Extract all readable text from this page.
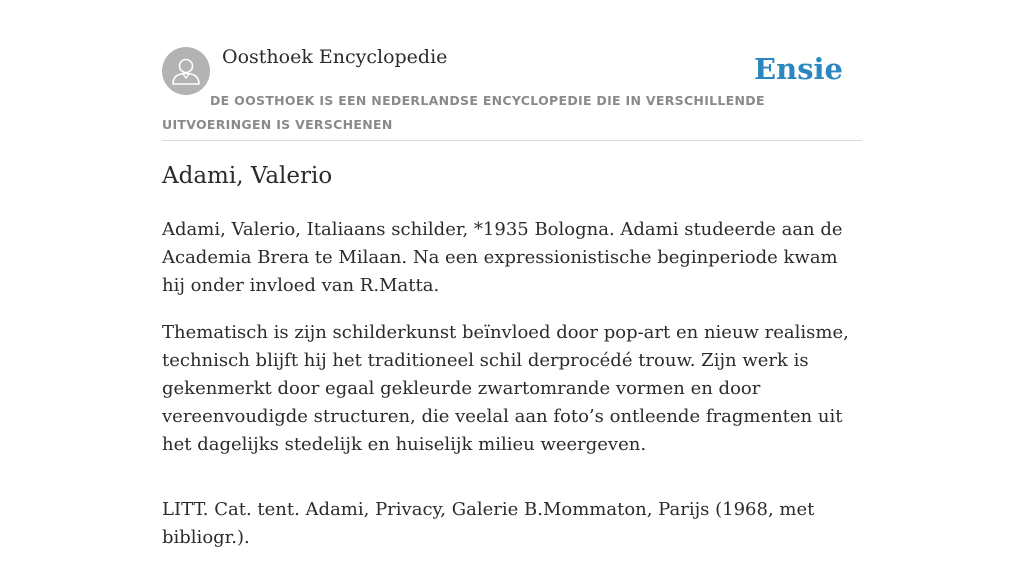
Oosthoek Encyclopedie	Ensie
DE OOSTHOEK IS EEN NEDERLANDSE ENCYCLOPEDIE DIE IN VERSCHILLENDE UITVOERINGEN IS VERSCHENEN
Adami, Valerio

Adami, Valerio, Italiaans schilder, *1935 Bologna. Adami studeerde aan de Academia Brera te Milaan. Na een expressionistische beginperiode kwam hij onder invloed van R.Matta.

Thematisch is zijn schilderkunst beïnvloed door pop-art en nieuw realisme, technisch blijft hij het traditioneel schil derprocédé trouw. Zijn werk is gekenmerkt door egaal gekleurde zwartomrande vormen en door vereenvoudigde structuren, die veelal aan foto’s ontleende fragmenten uit het dagelijks stedelijk en huiselijk milieu weergeven.

LITT. Cat. tent. Adami, Privacy, Galerie B.Mommaton, Parijs (1968, met bibliogr.).
